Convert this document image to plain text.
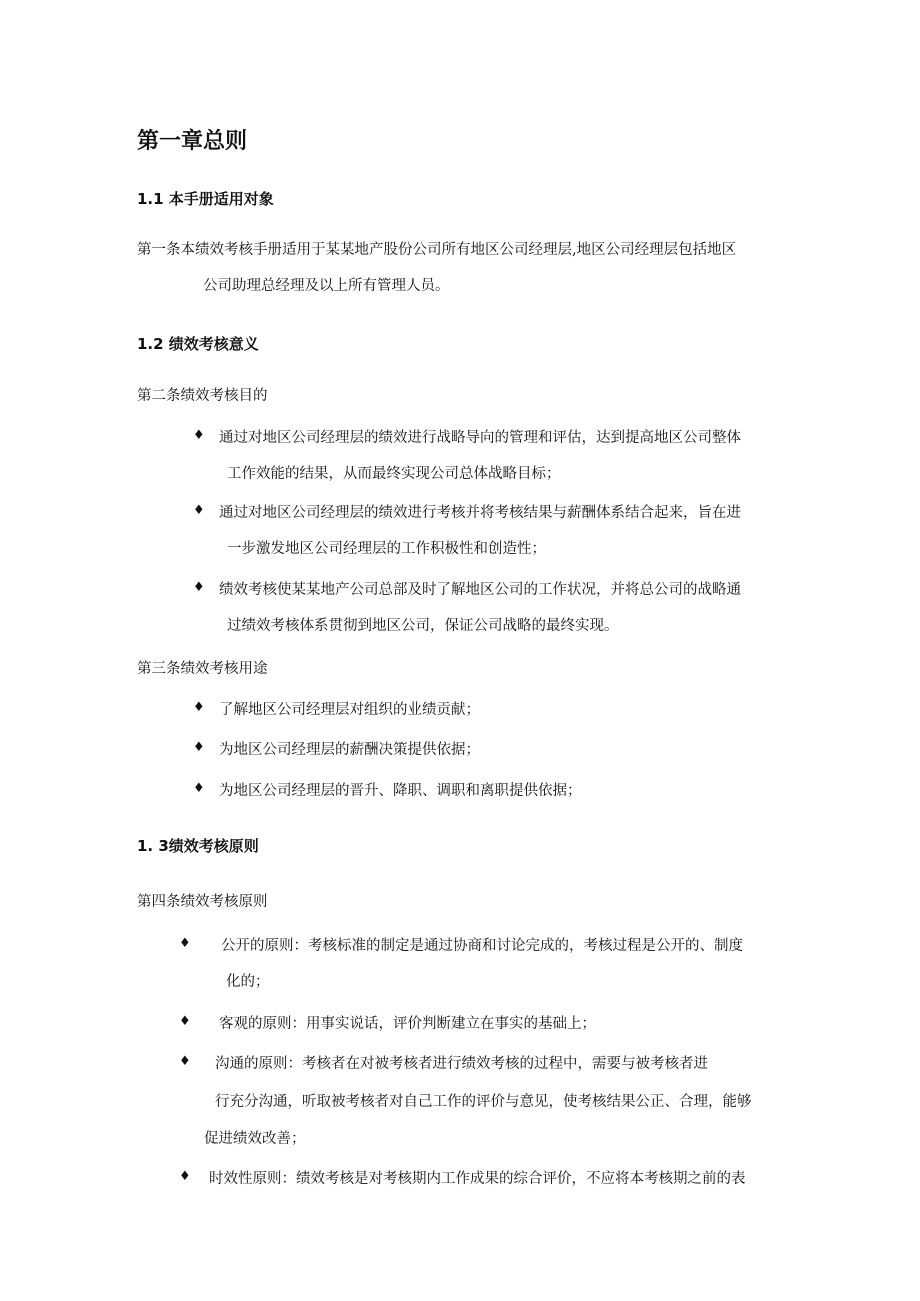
第一章总则
1.1 本手册适用对象
第一条本绩效考核手册适用于某某地产股份公司所有地区公司经理层,地区公司经理层包括地区
公司助理总经理及以上所有管理人员。
1.2 绩效考核意义
第二条绩效考核目的
♦ 通过对地区公司经理层的绩效进行战略导向的管理和评估，达到提高地区公司整体
工作效能的结果，从而最终实现公司总体战略目标；
♦ 通过对地区公司经理层的绩效进行考核并将考核结果与薪酬体系结合起来，旨在进
一步激发地区公司经理层的工作积极性和创造性；
♦ 绩效考核使某某地产公司总部及时了解地区公司的工作状况，并将总公司的战略通
过绩效考核体系贯彻到地区公司，保证公司战略的最终实现。
第三条绩效考核用途
♦ 了解地区公司经理层对组织的业绩贡献；
♦ 为地区公司经理层的薪酬决策提供依据；
♦ 为地区公司经理层的晋升、降职、调职和离职提供依据；
1. 3绩效考核原则
第四条绩效考核原则
♦ 公开的原则：考核标准的制定是通过协商和讨论完成的，考核过程是公开的、制度
化的；
♦ 客观的原则：用事实说话，评价判断建立在事实的基础上；
♦ 沟通的原则：考核者在对被考核者进行绩效考核的过程中，需要与被考核者进
行充分沟通，听取被考核者对自己工作的评价与意见，使考核结果公正、合理，能够
促进绩效改善；
♦ 时效性原则：绩效考核是对考核期内工作成果的综合评价，不应将本考核期之前的表
